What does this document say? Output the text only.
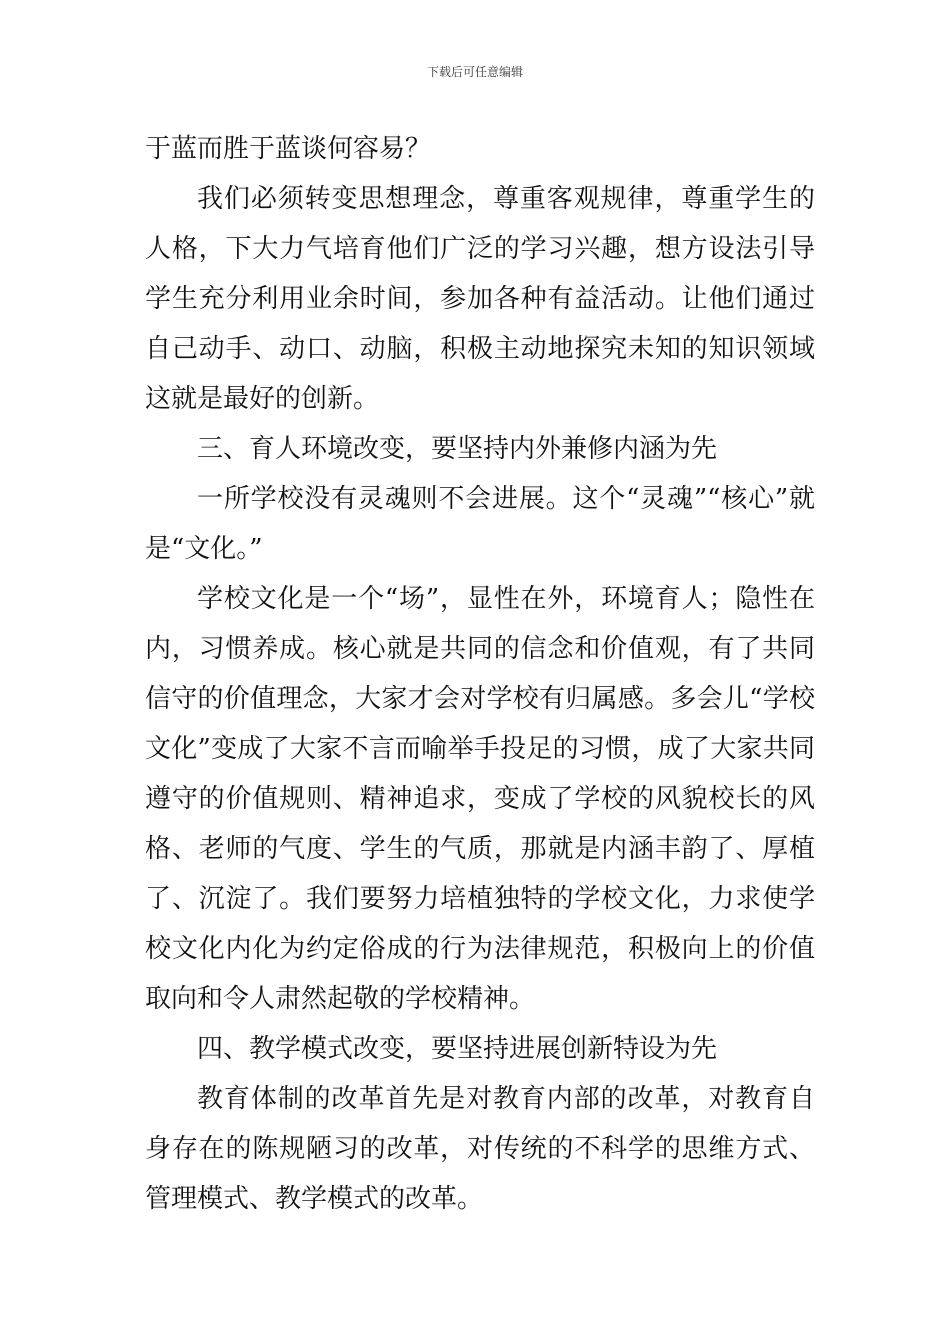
下载后可任意编辑

于蓝而胜于蓝谈何容易？

我们必须转变思想理念，尊重客观规律，尊重学生的人格，下大力气培育他们广泛的学习兴趣，想方设法引导学生充分利用业余时间，参加各种有益活动。让他们通过自己动手、动口、动脑，积极主动地探究未知的知识领域这就是最好的创新。

三、育人环境改变，要坚持内外兼修内涵为先

一所学校没有灵魂则不会进展。这个“灵魂”“核心”就是“文化。”

学校文化是一个“场”，显性在外，环境育人；隐性在内，习惯养成。核心就是共同的信念和价值观，有了共同信守的价值理念，大家才会对学校有归属感。多会儿“学校文化”变成了大家不言而喻举手投足的习惯，成了大家共同遵守的价值规则、精神追求，变成了学校的风貌校长的风格、老师的气度、学生的气质，那就是内涵丰韵了、厚植了、沉淀了。我们要努力培植独特的学校文化，力求使学校文化内化为约定俗成的行为法律规范，积极向上的价值取向和令人肃然起敬的学校精神。

四、教学模式改变，要坚持进展创新特设为先

教育体制的改革首先是对教育内部的改革，对教育自身存在的陈规陋习的改革，对传统的不科学的思维方式、管理模式、教学模式的改革。
